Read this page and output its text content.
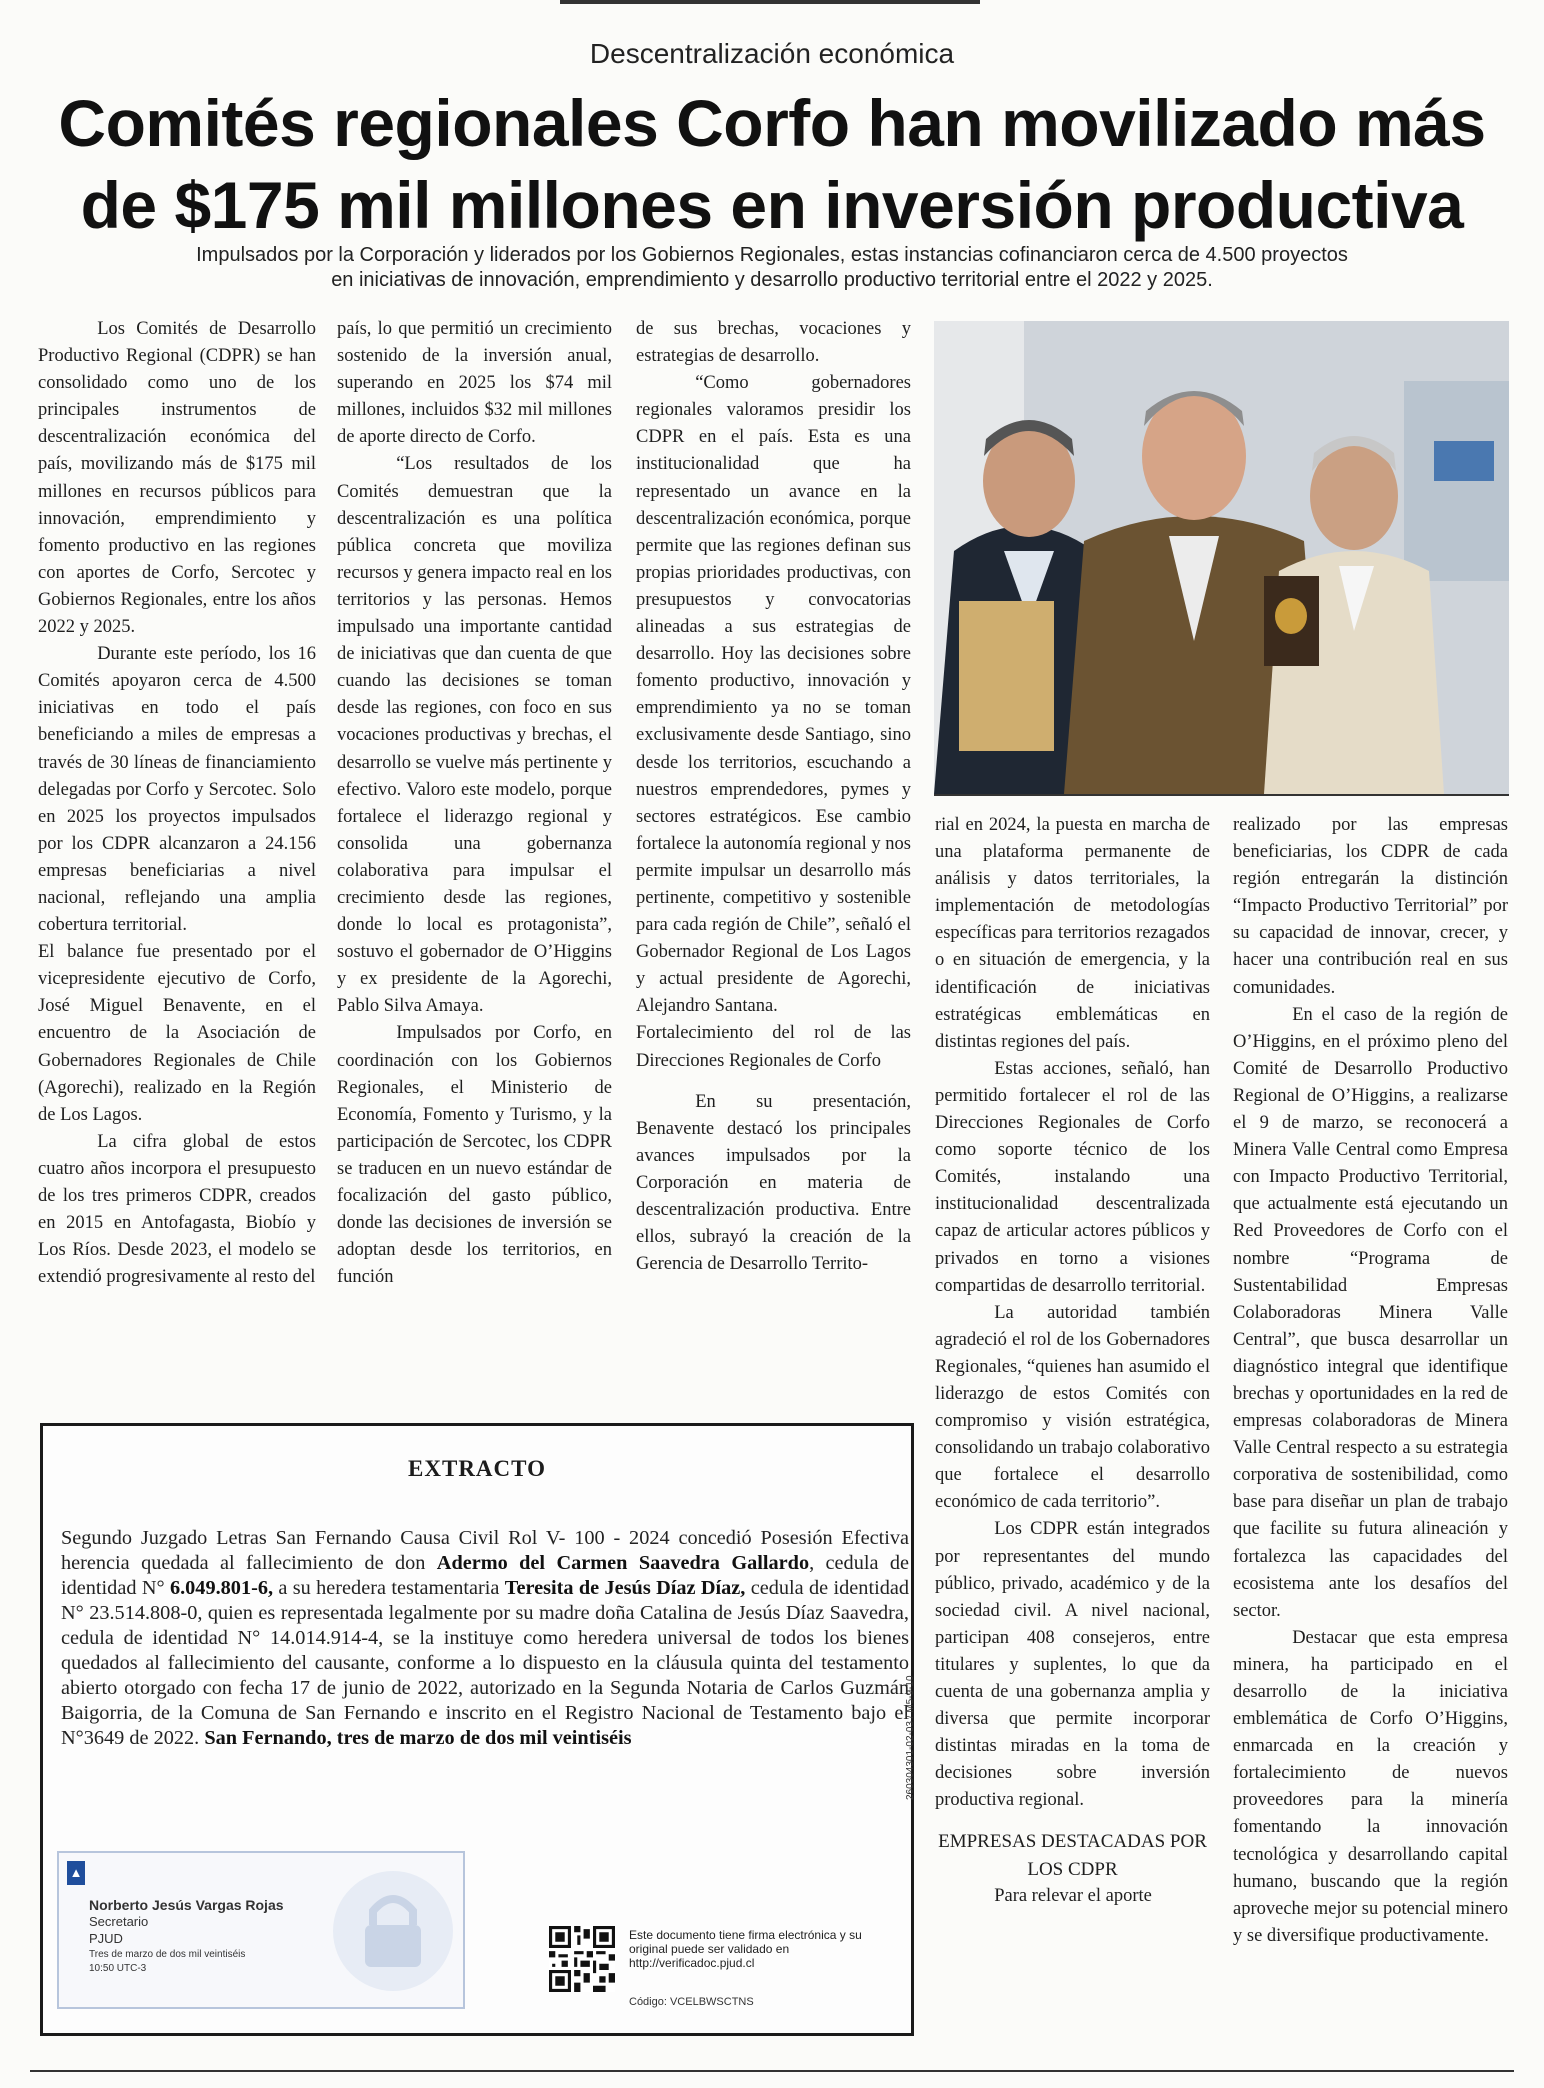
Descentralización económica
Comités regionales Corfo han movilizado más
de $175 mil millones en inversión productiva
Impulsados por la Corporación y liderados por los Gobiernos Regionales, estas instancias cofinanciaron cerca de 4.500 proyectos
en iniciativas de innovación, emprendimiento y desarrollo productivo territorial entre el 2022 y 2025.

Los Comités de Desarrollo Productivo Regional (CDPR) se han consolidado como uno de los principales instrumentos de descentralización económica del país, movilizando más de $175 mil millones en recursos públicos para innovación, emprendimiento y fomento productivo en las regiones con aportes de Corfo, Sercotec y Gobiernos Regionales, entre los años 2022 y 2025.

Durante este período, los 16 Comités apoyaron cerca de 4.500 iniciativas en todo el país beneficiando a miles de empresas a través de 30 líneas de financiamiento delegadas por Corfo y Sercotec. Solo en 2025 los proyectos impulsados por los CDPR alcanzaron a 24.156 empresas beneficiarias a nivel nacional, reflejando una amplia cobertura territorial.

El balance fue presentado por el vicepresidente ejecutivo de Corfo, José Miguel Benavente, en el encuentro de la Asociación de Gobernadores Regionales de Chile (Agorechi), realizado en la Región de Los Lagos.

La cifra global de estos cuatro años incorpora el presupuesto de los tres primeros CDPR, creados en 2015 en Antofagasta, Biobío y Los Ríos. Desde 2023, el modelo se extendió progresivamente al resto del

país, lo que permitió un crecimiento sostenido de la inversión anual, superando en 2025 los $74 mil millones, incluidos $32 mil millones de aporte directo de Corfo.

“Los resultados de los Comités demuestran que la descentralización es una política pública concreta que moviliza recursos y genera impacto real en los territorios y las personas. Hemos impulsado una importante cantidad de iniciativas que dan cuenta de que cuando las decisiones se toman desde las regiones, con foco en sus vocaciones productivas y brechas, el desarrollo se vuelve más pertinente y efectivo. Valoro este modelo, porque fortalece el liderazgo regional y consolida una gobernanza colaborativa para impulsar el crecimiento desde las regiones, donde lo local es protagonista”, sostuvo el gobernador de O’Higgins y ex presidente de la Agorechi, Pablo Silva Amaya.

Impulsados por Corfo, en coordinación con los Gobiernos Regionales, el Ministerio de Economía, Fomento y Turismo, y la participación de Sercotec, los CDPR se traducen en un nuevo estándar de focalización del gasto público, donde las decisiones de inversión se adoptan desde los territorios, en función

de sus brechas, vocaciones y estrategias de desarrollo.

“Como gobernadores regionales valoramos presidir los CDPR en el país. Esta es una institucionalidad que ha representado un avance en la descentralización económica, porque permite que las regiones definan sus propias prioridades productivas, con presupuestos y convocatorias alineadas a sus estrategias de desarrollo. Hoy las decisiones sobre fomento productivo, innovación y emprendimiento ya no se toman exclusivamente desde Santiago, sino desde los territorios, escuchando a nuestros emprendedores, pymes y sectores estratégicos. Ese cambio fortalece la autonomía regional y nos permite impulsar un desarrollo más pertinente, competitivo y sostenible para cada región de Chile”, señaló el Gobernador Regional de Los Lagos y actual presidente de Agorechi, Alejandro Santana.

Fortalecimiento del rol de las Direcciones Regionales de Corfo

En su presentación, Benavente destacó los principales avances impulsados por la Corporación en materia de descentralización productiva. Entre ellos, subrayó la creación de la Gerencia de Desarrollo Territo-

rial en 2024, la puesta en marcha de una plataforma permanente de análisis y datos territoriales, la implementación de metodologías específicas para territorios rezagados o en situación de emergencia, y la identificación de iniciativas estratégicas emblemáticas en distintas regiones del país.

Estas acciones, señaló, han permitido fortalecer el rol de las Direcciones Regionales de Corfo como soporte técnico de los Comités, instalando una institucionalidad descentralizada capaz de articular actores públicos y privados en torno a visiones compartidas de desarrollo territorial.

La autoridad también agradeció el rol de los Gobernadores Regionales, “quienes han asumido el liderazgo de estos Comités con compromiso y visión estratégica, consolidando un trabajo colaborativo que fortalece el desarrollo económico de cada territorio”.

Los CDPR están integrados por representantes del mundo público, privado, académico y de la sociedad civil. A nivel nacional, participan 408 consejeros, entre titulares y suplentes, lo que da cuenta de una gobernanza amplia y diversa que permite incorporar distintas miradas en la toma de decisiones sobre inversión productiva regional.

EMPRESAS DESTACADAS POR LOS CDPR

Para relevar el aporte

realizado por las empresas beneficiarias, los CDPR de cada región entregarán la distinción “Impacto Productivo Territorial” por su capacidad de innovar, crecer, y hacer una contribución real en sus comunidades.

En el caso de la región de O’Higgins, en el próximo pleno del Comité de Desarrollo Productivo Regional de O’Higgins, a realizarse el 9 de marzo, se reconocerá a Minera Valle Central como Empresa con Impacto Productivo Territorial, que actualmente está ejecutando un Red Proveedores de Corfo con el nombre “Programa de Sustentabilidad Empresas Colaboradoras Minera Valle Central”, que busca desarrollar un diagnóstico integral que identifique brechas y oportunidades en la red de empresas colaboradoras de Minera Valle Central respecto a su estrategia corporativa de sostenibilidad, como base para diseñar un plan de trabajo que facilite su futura alineación y fortalezca las capacidades del ecosistema ante los desafíos del sector.

Destacar que esta empresa minera, ha participado en el desarrollo de la iniciativa emblemática de Corfo O’Higgins, enmarcada en la creación y fortalecimiento de nuevos proveedores para la minería fomentando la innovación tecnológica y desarrollando capital humano, buscando que la región aproveche mejor su potencial minero y se diversifique productivamente.

EXTRACTO
Segundo Juzgado Letras San Fernando Causa Civil Rol V- 100 - 2024 concedió Posesión Efectiva herencia quedada al fallecimiento de don Adermo del Carmen Saavedra Gallardo, cedula de identidad N° 6.049.801-6, a su heredera testamentaria Teresita de Jesús Díaz Díaz, cedula de identidad N° 23.514.808-0, quien es representada legalmente por su madre doña Catalina de Jesús Díaz Saavedra, cedula de identidad N° 14.014.914-4, se la instituye como heredera universal de todos los bienes quedados al fallecimiento del causante, conforme a lo dispuesto en la cláusula quinta del testamento abierto otorgado con fecha 17 de junio de 2022, autorizado en la Segunda Notaria de Carlos Guzmán Baigorria, de la Comuna de San Fernando e inscrito en el Registro Nacional de Testamento bajo el N°3649 de 2022. San Fernando, tres de marzo de dos mil veintiséis
▲
Norberto Jesús Vargas Rojas
Secretario
PJUD
Tres de marzo de dos mil veintiséis
10:50 UTC-3
Este documento tiene firma electrónica y su original puede ser validado en http://verificadoc.pjud.cl
Código: VCELBWSCTNS
260304301-02-03 / M5-9-10
